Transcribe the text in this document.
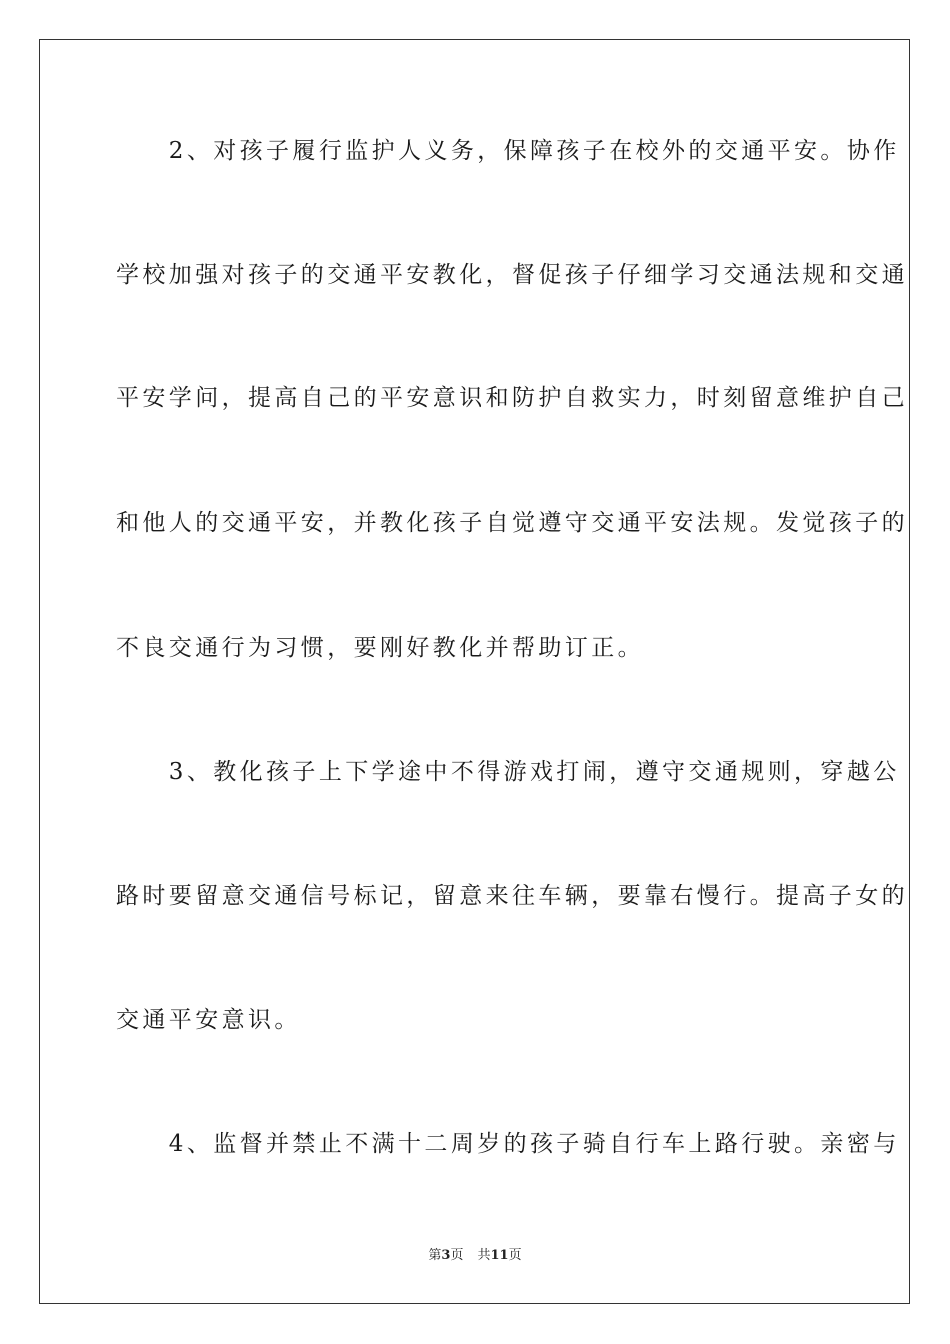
　　2、对孩子履行监护人义务，保障孩子在校外的交通平安。协作
学校加强对孩子的交通平安教化，督促孩子仔细学习交通法规和交通
平安学问，提高自己的平安意识和防护自救实力，时刻留意维护自己
和他人的交通平安，并教化孩子自觉遵守交通平安法规。发觉孩子的
不良交通行为习惯，要刚好教化并帮助订正。
　　3、教化孩子上下学途中不得游戏打闹，遵守交通规则，穿越公
路时要留意交通信号标记，留意来往车辆，要靠右慢行。提高子女的
交通平安意识。
　　4、监督并禁止不满十二周岁的孩子骑自行车上路行驶。亲密与
第3页 共11页
